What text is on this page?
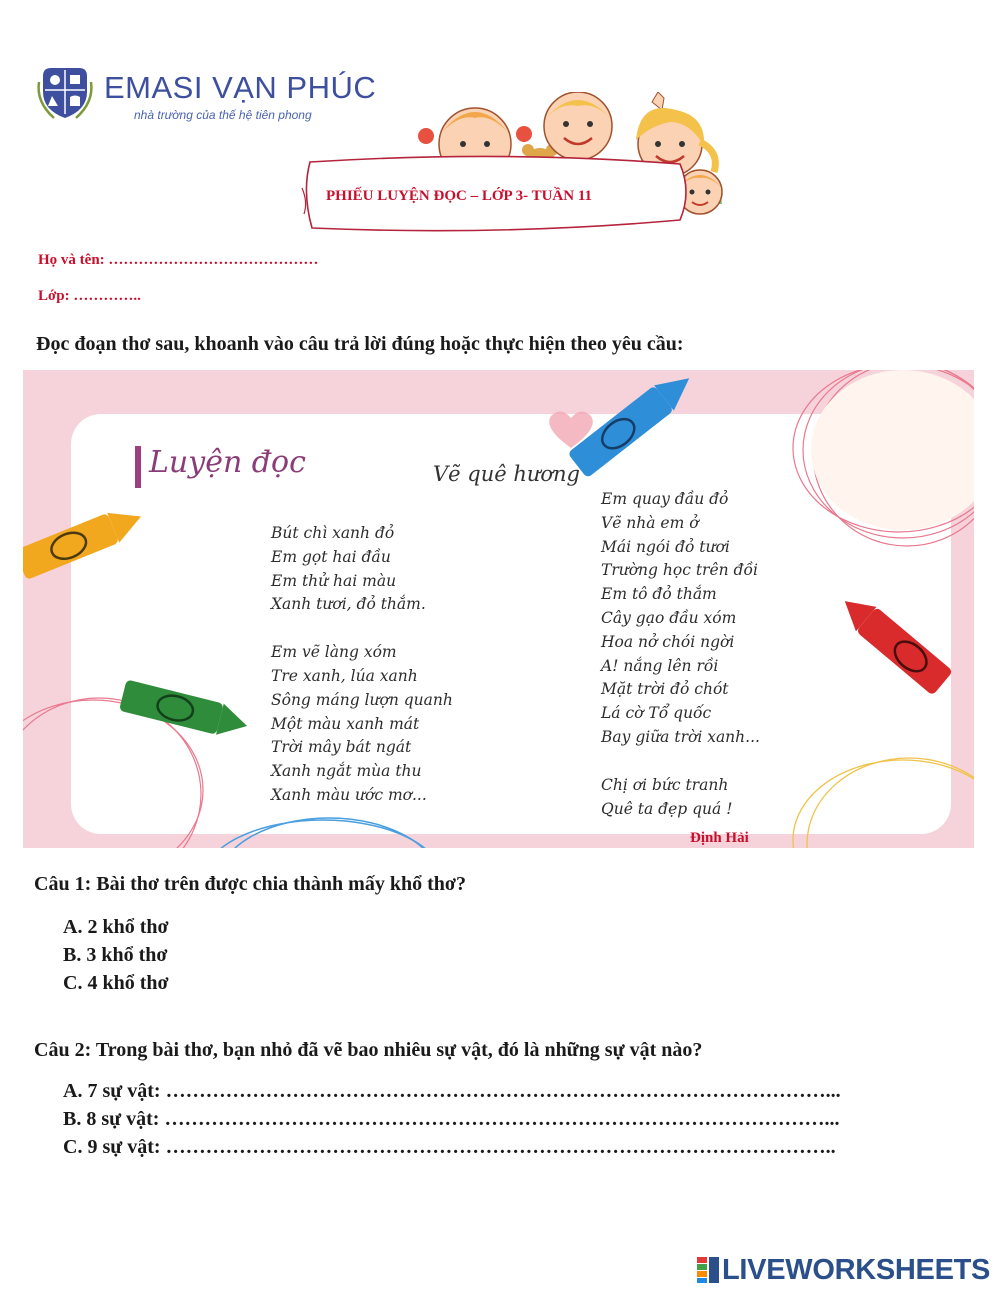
EMASI VẠN PHÚC
nhà trường của thế hệ tiên phong
PHIẾU LUYỆN ĐỌC – LỚP 3- TUẦN 11
Họ và tên: ……………………………………
Lớp: …………..
Đọc đoạn thơ sau, khoanh vào câu trả lời đúng hoặc thực hiện theo yêu cầu:
Luyện đọc	Vẽ quê hương
Bút chì xanh đỏ
Em gọt hai đầu
Em thử hai màu
Xanh tươi, đỏ thắm.
Em vẽ làng xóm
Tre xanh, lúa xanh
Sông máng lượn quanh
Một màu xanh mát
Trời mây bát ngát
Xanh ngắt mùa thu
Xanh màu ước mơ...
Em quay đầu đỏ
Vẽ nhà em ở
Mái ngói đỏ tươi
Trường học trên đồi
Em tô đỏ thắm
Cây gạo đầu xóm
Hoa nở chói ngời
A! nắng lên rồi
Mặt trời đỏ chót
Lá cờ Tổ quốc
Bay giữa trời xanh...
Chị ơi bức tranh
Quê ta đẹp quá !
Định Hải
Câu 1: Bài thơ trên được chia thành mấy khổ thơ?
A. 2 khổ thơ
B. 3 khổ thơ
C. 4 khổ thơ
Câu 2: Trong bài thơ, bạn nhỏ đã vẽ bao nhiêu sự vật, đó là những sự vật nào?
A. 7 sự vật: ………………………………………………………………………………………...
B. 8 sự vật: ………………………………………………………………………………………...
C. 9 sự vật: ………………………………………………………………………………………..
LIVEWORKSHEETS
